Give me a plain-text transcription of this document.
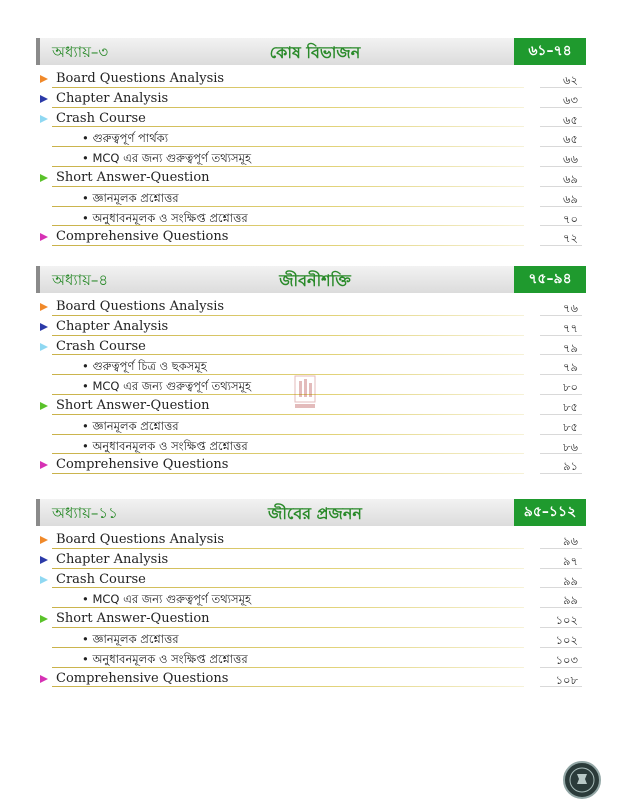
অধ্যায়–৩	কোষ বিভাজন	৬১–৭৪
Board Questions Analysis	৬২
Chapter Analysis	৬৩
Crash Course	৬৫
• গুরুত্বপূর্ণ পার্থক্য	৬৫
• MCQ এর জন্য গুরুত্বপূর্ণ তথ্যসমূহ	৬৬
Short Answer-Question	৬৯
• জ্ঞানমূলক প্রশ্নোত্তর	৬৯
• অনুধাবনমূলক ও সংক্ষিপ্ত প্রশ্নোত্তর	৭০
Comprehensive Questions	৭২
অধ্যায়–৪	জীবনীশক্তি	৭৫–৯৪
Board Questions Analysis	৭৬
Chapter Analysis	৭৭
Crash Course	৭৯
• গুরুত্বপূর্ণ চিত্র ও ছকসমূহ	৭৯
• MCQ এর জন্য গুরুত্বপূর্ণ তথ্যসমূহ	৮০
Short Answer-Question	৮৫
• জ্ঞানমূলক প্রশ্নোত্তর	৮৫
• অনুধাবনমূলক ও সংক্ষিপ্ত প্রশ্নোত্তর	৮৬
Comprehensive Questions	৯১
অধ্যায়–১১	জীবের প্রজনন	৯৫–১১২
Board Questions Analysis	৯৬
Chapter Analysis	৯৭
Crash Course	৯৯
• MCQ এর জন্য গুরুত্বপূর্ণ তথ্যসমূহ	৯৯
Short Answer-Question	১০২
• জ্ঞানমূলক প্রশ্নোত্তর	১০২
• অনুধাবনমূলক ও সংক্ষিপ্ত প্রশ্নোত্তর	১০৩
Comprehensive Questions	১০৮
